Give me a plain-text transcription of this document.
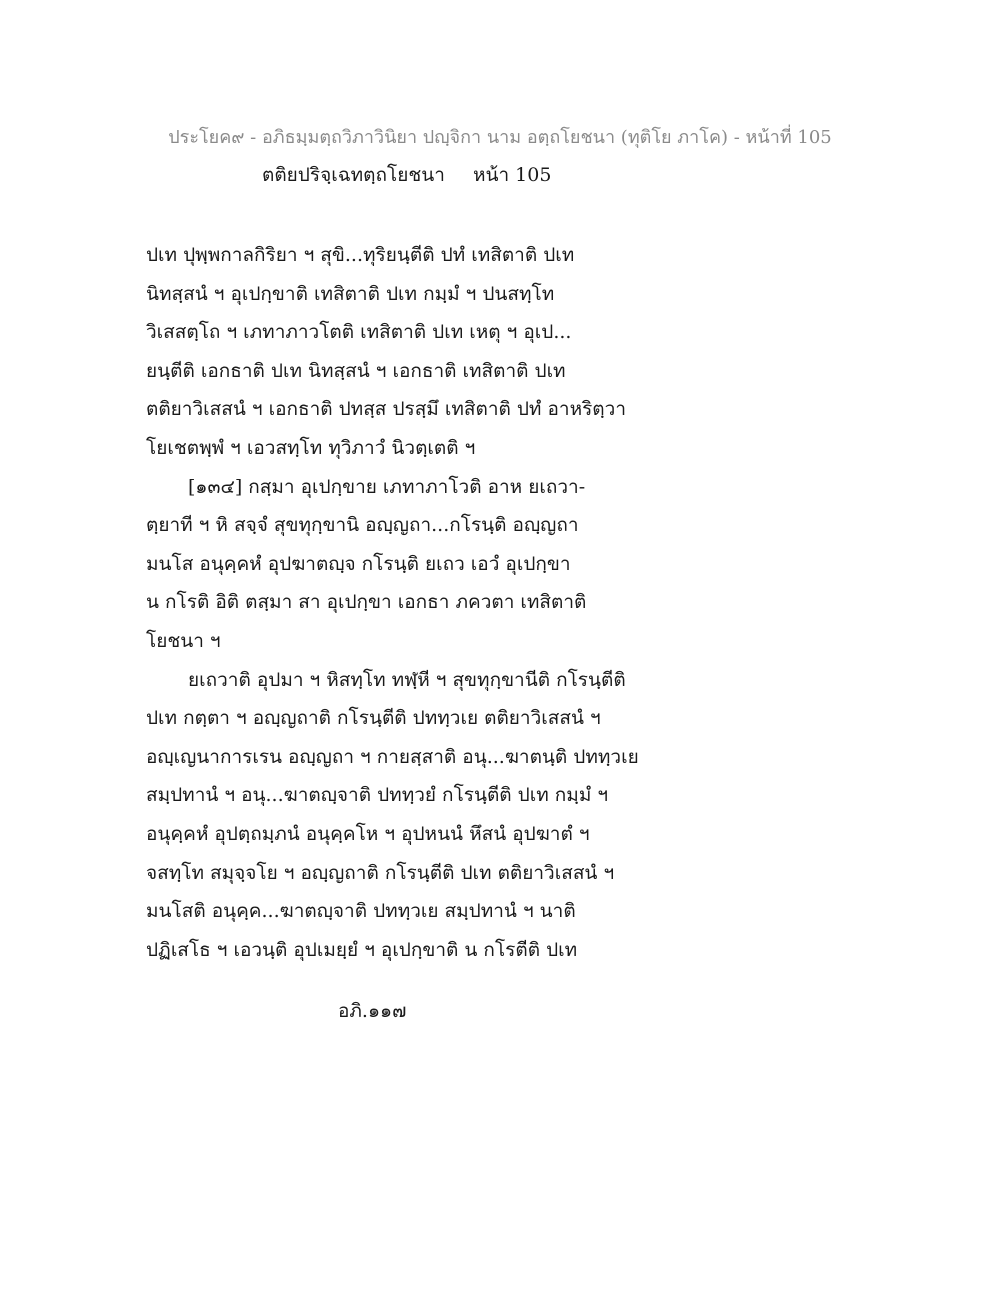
ประโยค๙ - อภิธมฺมตฺถวิภาวินิยา ปญฺจิกา นาม อตฺถโยชนา (ทุติโย ภาโค) - หน้าที่ 105
ตติยปริจฺเฉทตฺถโยชนา หน้า 105
ปเท ปุพฺพกาลกิริยา ฯ สุขิ...ทุริยนฺตีติ ปทํ เทสิตาติ ปเท
นิทสฺสนํ ฯ อุเปกฺขาติ เทสิตาติ ปเท กมฺมํ ฯ ปนสทฺโท
วิเสสตฺโถ ฯ เภทาภาวโตติ เทสิตาติ ปเท เหตุ ฯ อุเป...
ยนฺตีติ เอกธาติ ปเท นิทสฺสนํ ฯ เอกธาติ เทสิตาติ ปเท
ตติยาวิเสสนํ ฯ เอกธาติ ปทสฺส ปรสฺมึ เทสิตาติ ปทํ อาหริตฺวา
โยเชตพฺพํ ฯ เอวสทฺโท ทุวิภาวํ นิวตฺเตติ ฯ
[๑๓๔] กสฺมา อุเปกฺขาย เภทาภาโวติ อาห ยเถวา-
ตฺยาที ฯ หิ สจฺจํ สุขทุกฺขานิ อญฺญถา...กโรนฺติ อญฺญถา
มนโส อนุคฺคหํ อุปฆาตญฺจ กโรนฺติ ยเถว เอวํ อุเปกฺขา
น กโรติ อิติ ตสฺมา สา อุเปกฺขา เอกธา ภควตา เทสิตาติ
โยชนา ฯ
ยเถวาติ อุปมา ฯ หิสทฺโท ทฬฺหี ฯ สุขทุกฺขานีติ กโรนฺตีติ
ปเท กตฺตา ฯ อญฺญถาติ กโรนฺตีติ ปททฺวเย ตติยาวิเสสนํ ฯ
อญฺเญนาการเรน อญฺญถา ฯ กายสฺสาติ อนุ...ฆาตนฺติ ปททฺวเย
สมฺปทานํ ฯ อนุ...ฆาตญฺจาติ ปททฺวยํ กโรนฺตีติ ปเท กมฺมํ ฯ
อนุคฺคหํ อุปตฺถมฺภนํ อนุคฺคโห ฯ อุปหนนํ หึสนํ อุปฆาตํ ฯ
จสทฺโท สมุจฺจโย ฯ อญฺญถาติ กโรนฺตีติ ปเท ตติยาวิเสสนํ ฯ
มนโสติ อนุคฺค...ฆาตญฺจาติ ปททฺวเย สมฺปทานํ ฯ นาติ
ปฏิเสโธ ฯ เอวนฺติ อุปเมยฺยํ ฯ อุเปกฺขาติ น กโรตีติ ปเท
อภิ.๑๑๗
